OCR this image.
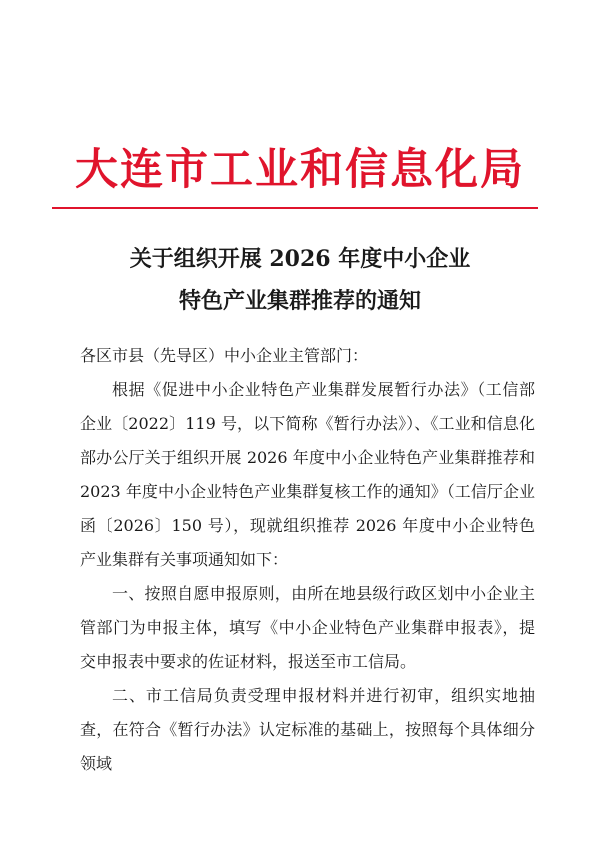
大连市工业和信息化局
关于组织开展 2026 年度中小企业
特色产业集群推荐的通知

各区市县（先导区）中小企业主管部门：

根据《促进中小企业特色产业集群发展暂行办法》（工信部企业〔2022〕119 号，以下简称《暂行办法》）、《工业和信息化部办公厅关于组织开展 2026 年度中小企业特色产业集群推荐和 2023 年度中小企业特色产业集群复核工作的通知》（工信厅企业函〔2026〕150 号），现就组织推荐 2026 年度中小企业特色产业集群有关事项通知如下：

一、按照自愿申报原则，由所在地县级行政区划中小企业主管部门为申报主体，填写《中小企业特色产业集群申报表》，提交申报表中要求的佐证材料，报送至市工信局。

二、市工信局负责受理申报材料并进行初审，组织实地抽查，在符合《暂行办法》认定标准的基础上，按照每个具体细分领域
